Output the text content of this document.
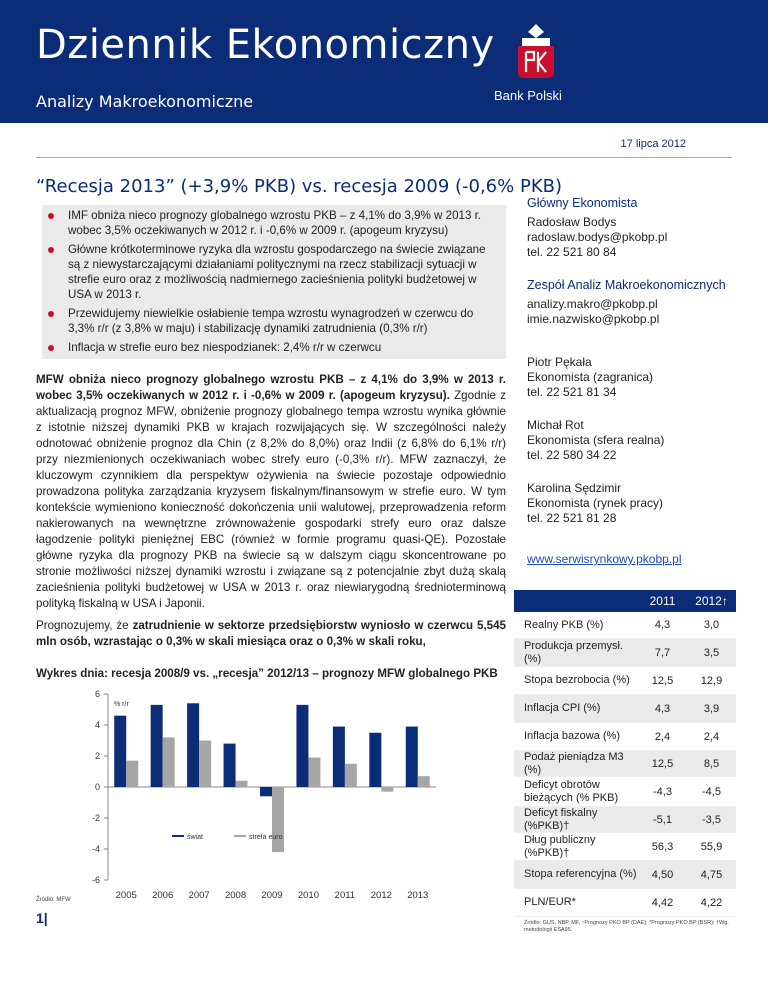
Dziennik Ekonomiczny
Analizy Makroekonomiczne	Bank Polski
17 lipca 2012
“Recesja 2013” (+3,9% PKB) vs. recesja 2009 (-0,6% PKB)
IMF obniża nieco prognozy globalnego wzrostu PKB – z 4,1% do 3,9% w 2013 r. wobec 3,5% oczekiwanych w 2012 r. i -0,6% w 2009 r. (apogeum kryzysu)
Główne krótkoterminowe ryzyka dla wzrostu gospodarczego na świecie związane są z niewystarczającymi działaniami politycznymi na rzecz stabilizacji sytuacji w strefie euro oraz z możliwością nadmiernego zacieśnienia polityki budżetowej w USA w 2013 r.
Przewidujemy niewielkie osłabienie tempa wzrostu wynagrodzeń w czerwcu do 3,3% r/r (z 3,8% w maju) i stabilizację dynamiki zatrudnienia (0,3% r/r)
Inflacja w strefie euro bez niespodzianek: 2,4% r/r w czerwcu

MFW obniża nieco prognozy globalnego wzrostu PKB – z 4,1% do 3,9% w 2013 r. wobec 3,5% oczekiwanych w 2012 r. i -0,6% w 2009 r. (apogeum kryzysu). Zgodnie z aktualizacją prognoz MFW, obniżenie prognozy globalnego tempa wzrostu wynika głównie z istotnie niższej dynamiki PKB w krajach rozwijających się. W szczególności należy odnotować obniżenie prognoz dla Chin (z 8,2% do 8,0%) oraz Indii (z 6,8% do 6,1% r/r) przy niezmienionych oczekiwaniach wobec strefy euro (-0,3% r/r). MFW zaznaczył, że kluczowym czynnikiem dla perspektyw ożywienia na świecie pozostaje odpowiednio prowadzona polityka zarządzania kryzysem fiskalnym/finansowym w strefie euro. W tym kontekście wymieniono konieczność dokończenia unii walutowej, przeprowadzenia reform nakierowanych na wewnętrzne zrównoważenie gospodarki strefy euro oraz dalsze łagodzenie polityki pieniężnej EBC (również w formie programu quasi-QE). Pozostałe główne ryzyka dla prognozy PKB na świecie są w dalszym ciągu skoncentrowane po stronie możliwości niższej dynamiki wzrostu i związane są z potencjalnie zbyt dużą skalą zacieśnienia polityki budżetowej w USA w 2013 r. oraz niewiarygodną średnioterminową polityką fiskalną w USA i Japonii.

Prognozujemy, że zatrudnienie w sektorze przedsiębiorstw wyniosło w czerwcu 5,545 mln osób, wzrastając o 0,3% w skali miesiąca oraz o 0,3% w skali roku,

Wykres dnia: recesja 2008/9 vs. „recesja” 2012/13 – prognozy MFW globalnego PKB
-6
-4
-2
0
2
4
6
% r/r
2005 2006 2007 2008 2009 2010 2011 2012 2013
świat	strefa euro
Źródło: MFW
1|
Główny Ekonomista
Radosław Bodys
radoslaw.bodys@pkobp.pl
tel. 22 521 80 84
Zespół Analiz Makroekonomicznych
analizy.makro@pkobp.pl
imie.nazwisko@pkobp.pl
Piotr Pękała
Ekonomista (zagranica)
tel. 22 521 81 34
Michał Rot
Ekonomista (sfera realna)
tel. 22 580 34 22
Karolina Sędzimir
Ekonomista (rynek pracy)
tel. 22 521 81 28
www.serwisrynkowy.pkobp.pl
2011	2012↑
Realny PKB (%)	4,3	3,0
Produkcja przemysł. (%)	7,7	3,5
Stopa bezrobocia (%)	12,5	12,9
Inflacja CPI (%)	4,3	3,9
Inflacja bazowa (%)	2,4	2,4
Podaż pieniądza M3 (%)	12,5	8,5
Deficyt obrotów bieżących (% PKB)	-4,3	-4,5
Deficyt fiskalny (%PKB)†	-5,1	-3,5
Dług publiczny (%PKB)†	56,3	55,9
Stopa referencyjna (%)	4,50	4,75
PLN/EUR*	4,42	4,22
Źródło: GUS, NBP, MF, ↑Prognozy PKO BP (DAE); *Prognozy PKO BP (BSR); †Wg. metodologii ESA95.
